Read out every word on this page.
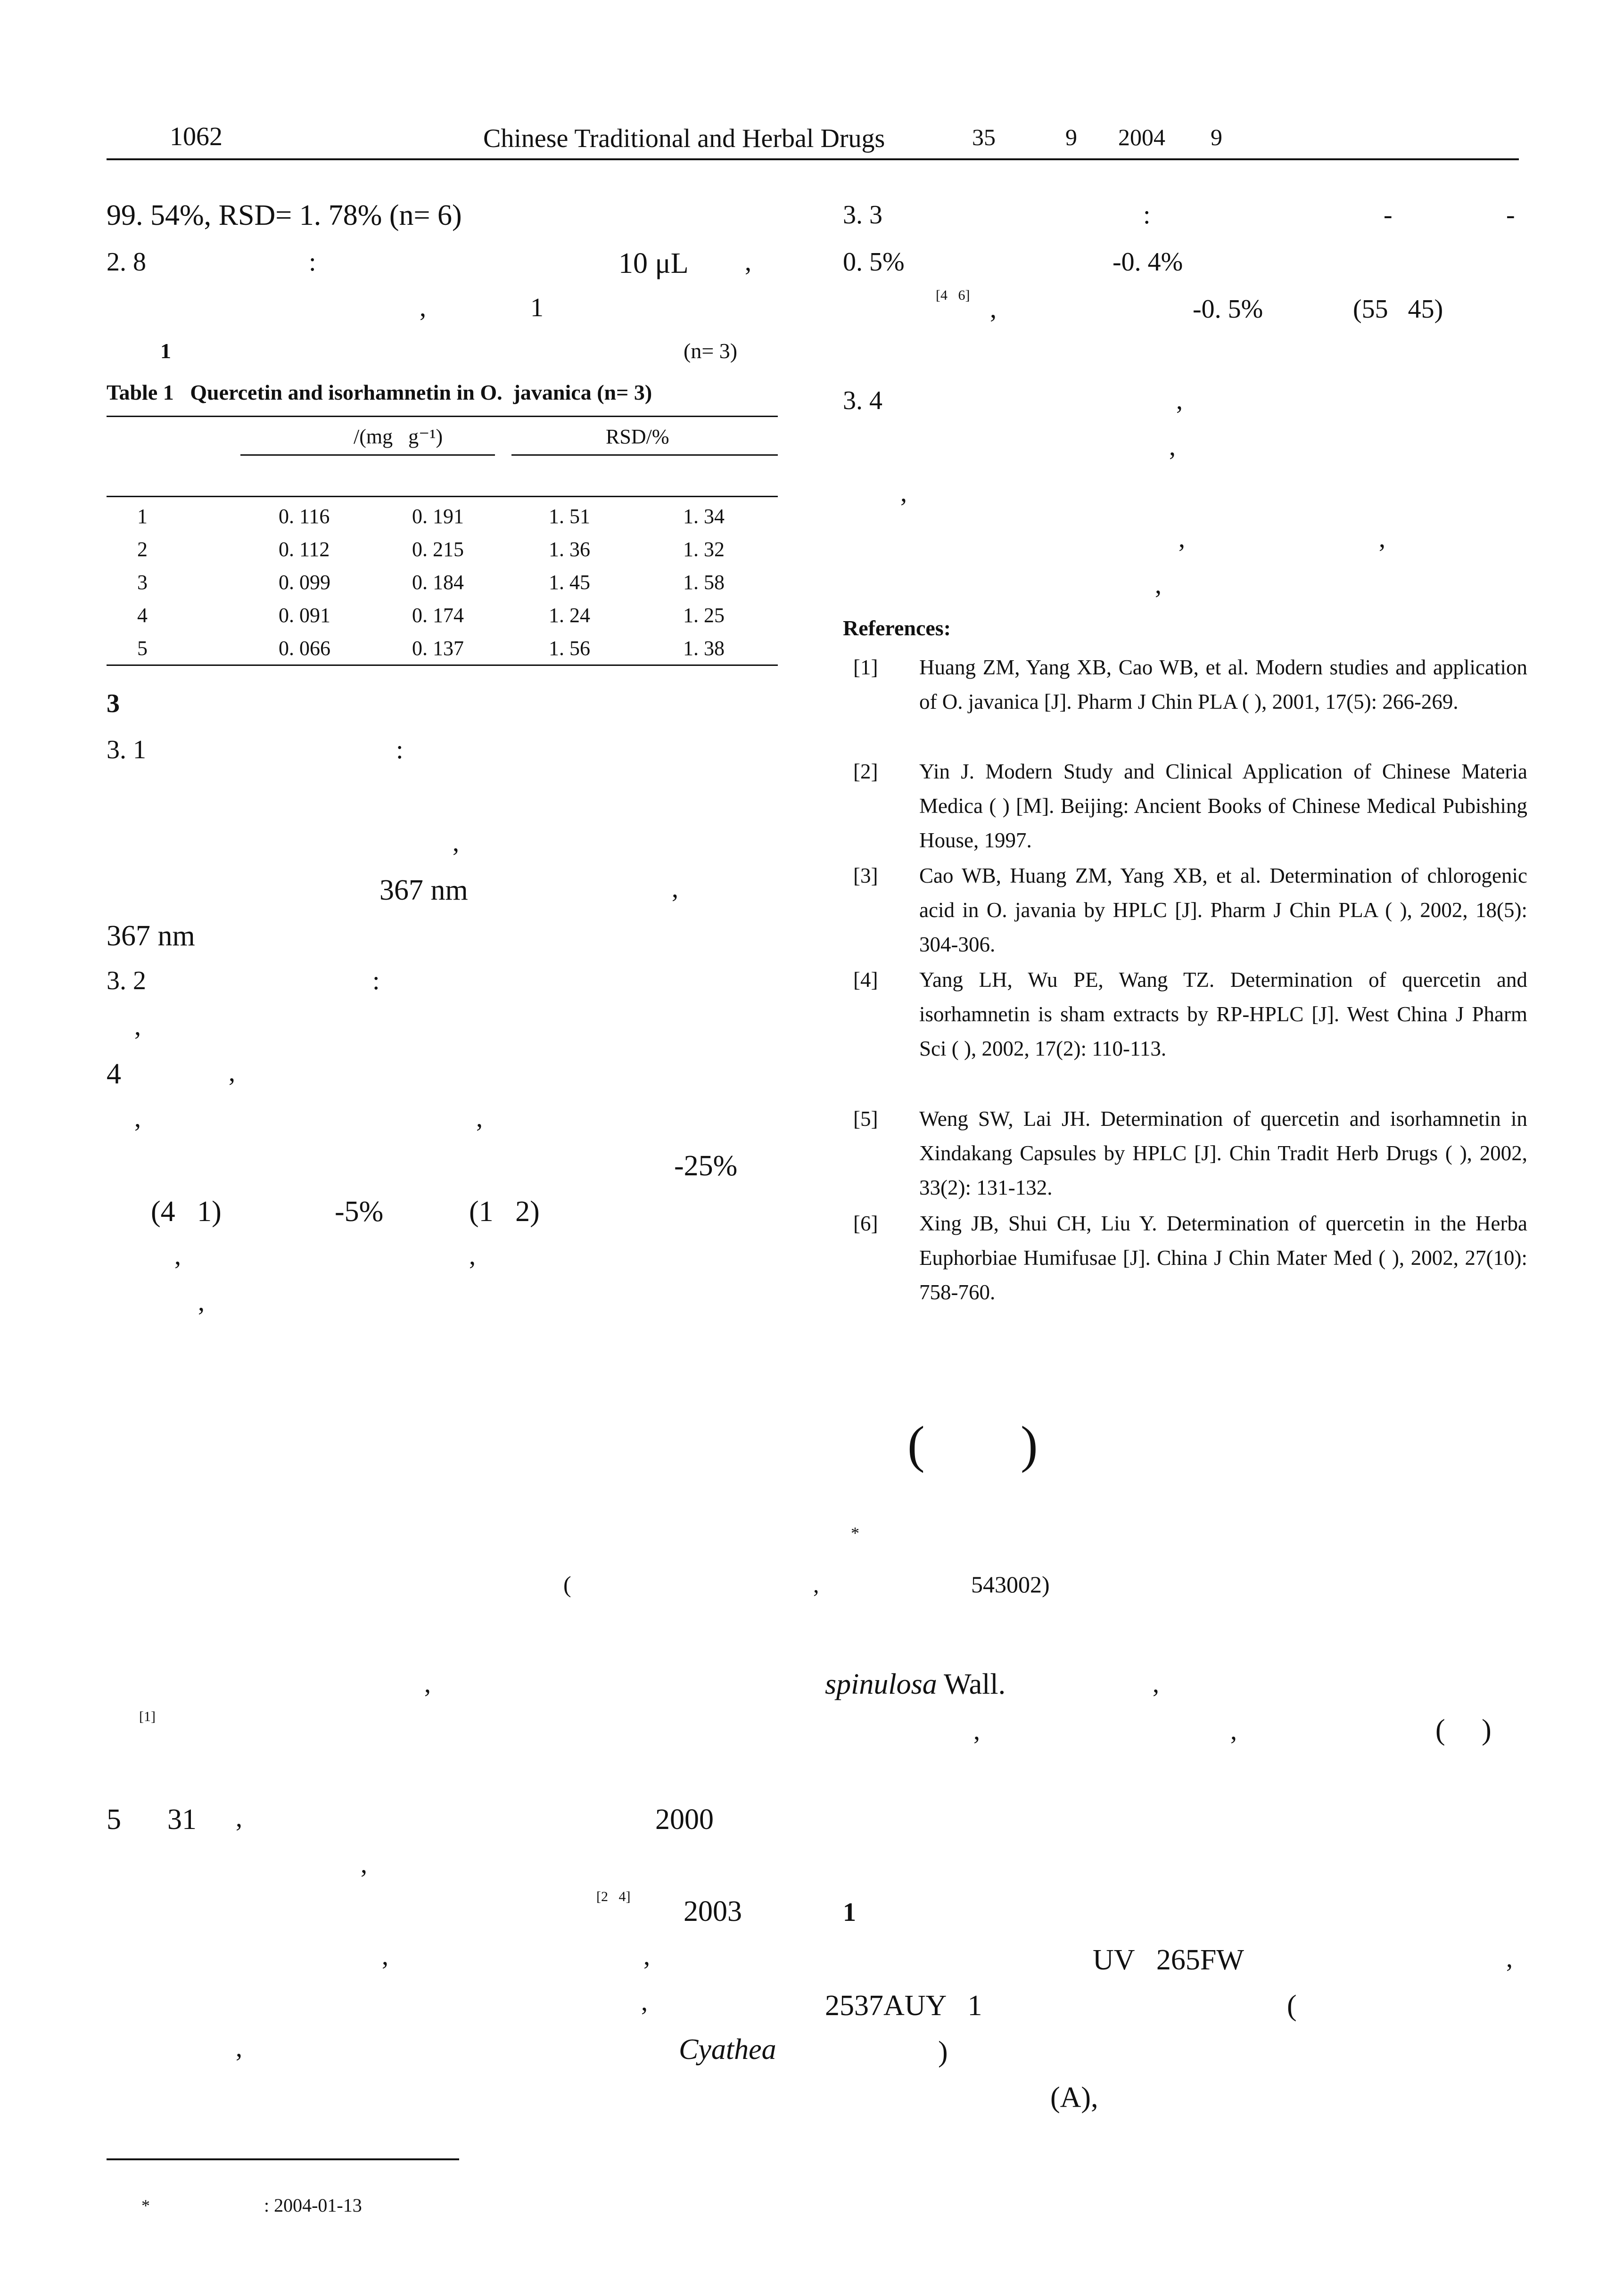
1062	Chinese Traditional and Herbal Drugs	35	9 2004 9
99. 54%, RSD= 1. 78% (n= 6)
2. 8	:	10 μL ,
,	1
1	(n= 3)
Table 1   Quercetin and isorhamnetin in O.  javanica (n= 3)
/(mg   g⁻¹)	RSD/%
1	0. 116	0. 191	1. 51	1. 34
2	0. 112	0. 215	1. 36	1. 32
3	0. 099	0. 184	1. 45	1. 58
4	0. 091	0. 174	1. 24	1. 25
5	0. 066	0. 137	1. 56	1. 38
3
3. 1	:
,
367 nm	,
367 nm
3. 2	:
,
4	,
,	,
-25%
(4   1)	-5%	(1   2)
,	,
,
3. 3	:	-	-
0. 5%	-0. 4%
[4   6] ,	-0. 5%	(55   45)
3. 4	,
,
,
,	,
,
References:
[1] Huang ZM, Yang XB, Cao WB, et al. Modern studies and application of O. javanica [J]. Pharm J Chin PLA ( ), 2001, 17(5): 266-269.
[2] Yin J. Modern Study and Clinical Application of Chinese Materia Medica ( ) [M]. Beijing: Ancient Books of Chinese Medical Pubishing House, 1997.
[3] Cao WB, Huang ZM, Yang XB, et al. Determination of chlorogenic acid in O. javania by HPLC [J]. Pharm J Chin PLA ( ), 2002, 18(5): 304-306.
[4] Yang LH, Wu PE, Wang TZ. Determination of quercetin and isorhamnetin is sham extracts by RP-HPLC [J]. West China J Pharm Sci ( ), 2002, 17(2): 110-113.
[5] Weng SW, Lai JH. Determination of quercetin and isorhamnetin in Xindakang Capsules by HPLC [J]. Chin Tradit Herb Drugs ( ), 2002, 33(2): 131-132.
[6] Xing JB, Shui CH, Liu Y. Determination of quercetin in the Herba Euphorbiae Humifusae [J]. China J Chin Mater Med ( ), 2002, 27(10): 758-760.
( )
*
(	,	543002)
,
[1]
spinulosa Wall.	,
,	,	(     )
5 31 ,	2000
,
[2   4] 2003
,	,
,
,	Cyathea
1
UV   265FW	,
2537AUY   1	(
)
(A),
*	: 2004-01-13
